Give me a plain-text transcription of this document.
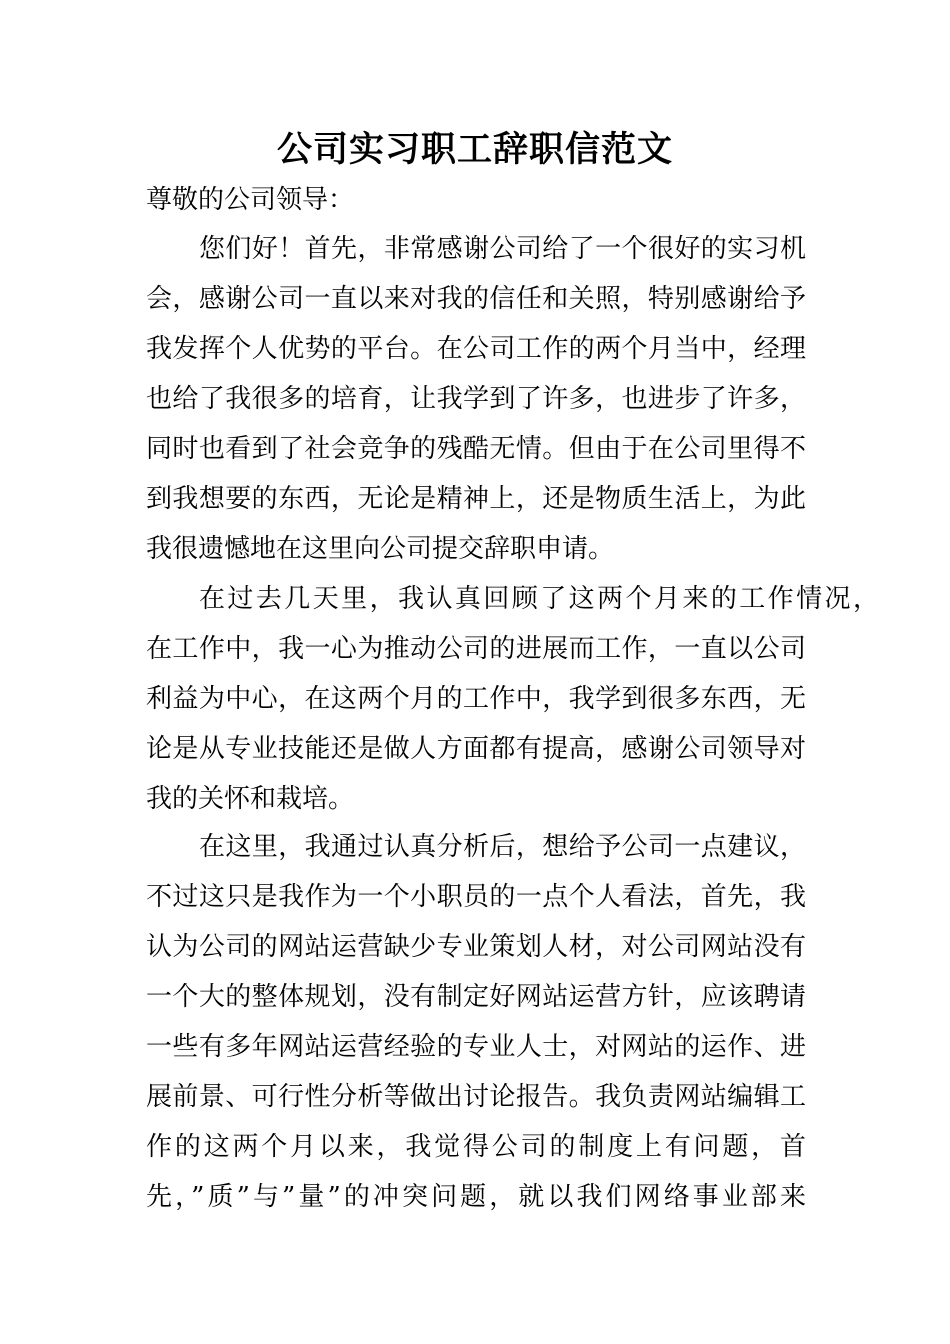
公司实习职工辞职信范文
尊敬的公司领导：
您们好！首先，非常感谢公司给了一个很好的实习机
会，感谢公司一直以来对我的信任和关照，特别感谢给予
我发挥个人优势的平台。在公司工作的两个月当中，经理
也给了我很多的培育，让我学到了许多，也进步了许多，
同时也看到了社会竞争的残酷无情。但由于在公司里得不
到我想要的东西，无论是精神上，还是物质生活上，为此
我很遗憾地在这里向公司提交辞职申请。
在过去几天里，我认真回顾了这两个月来的工作情况，
在工作中，我一心为推动公司的进展而工作，一直以公司
利益为中心，在这两个月的工作中，我学到很多东西，无
论是从专业技能还是做人方面都有提高，感谢公司领导对
我的关怀和栽培。
在这里，我通过认真分析后，想给予公司一点建议，
不过这只是我作为一个小职员的一点个人看法，首先，我
认为公司的网站运营缺少专业策划人材，对公司网站没有
一个大的整体规划，没有制定好网站运营方针，应该聘请
一些有多年网站运营经验的专业人士，对网站的运作、进
展前景、可行性分析等做出讨论报告。我负责网站编辑工
作的这两个月以来，我觉得公司的制度上有问题，首
先，”质”与”量”的冲突问题，就以我们网络事业部来
